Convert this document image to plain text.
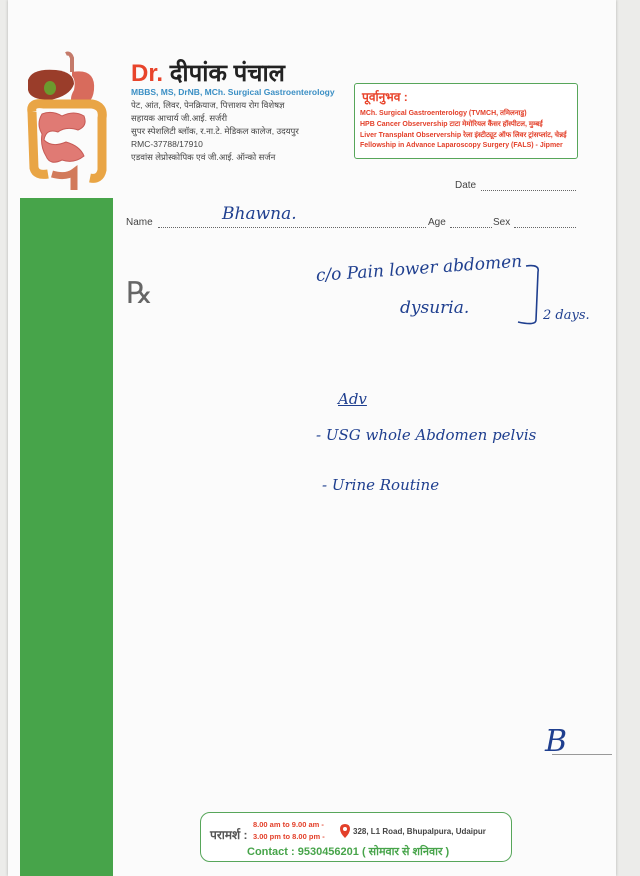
Dr. दीपांक पंचाल
MBBS, MS, DrNB, MCh. Surgical Gastroenterology
पेट, आंत, लिवर, पेनक्रियाज, पित्ताशय रोग विशेषज्ञ
सहायक आचार्य जी.आई. सर्जरी
सुपर स्पेशलिटी ब्लॉक, र.ना.टे. मेडिकल कालेज, उदयपुर
RMC-37788/17910
एडवांस लेप्रोस्कोपिक एवं जी.आई. ऑन्को सर्जन
पूर्वानुभव :
MCh. Surgical Gastroenterology (TVMCH, तमिलनाडु)
HPB Cancer Observership टाटा मेमोरियल कैंसर हॉस्पीटल, मुम्बई
Liver Transplant Observership रेला इंस्टीट्यूट ऑफ लिवर ट्रांसप्लांट, चेन्नई
Fellowship in Advance Laparoscopy Surgery (FALS) - Jipmer
Date
Name	Age	Sex
℞
Bhawna.
c/o Pain lower abdomen
dysuria.	2 days.
Adv
- USG whole Abdomen pelvis
- Urine Routine
B
परामर्श :
8.00 am to 9.00 am -
3.00 pm to 8.00 pm -
328, L1 Road, Bhupalpura, Udaipur
Contact : 9530456201 ( सोमवार से शनिवार )
